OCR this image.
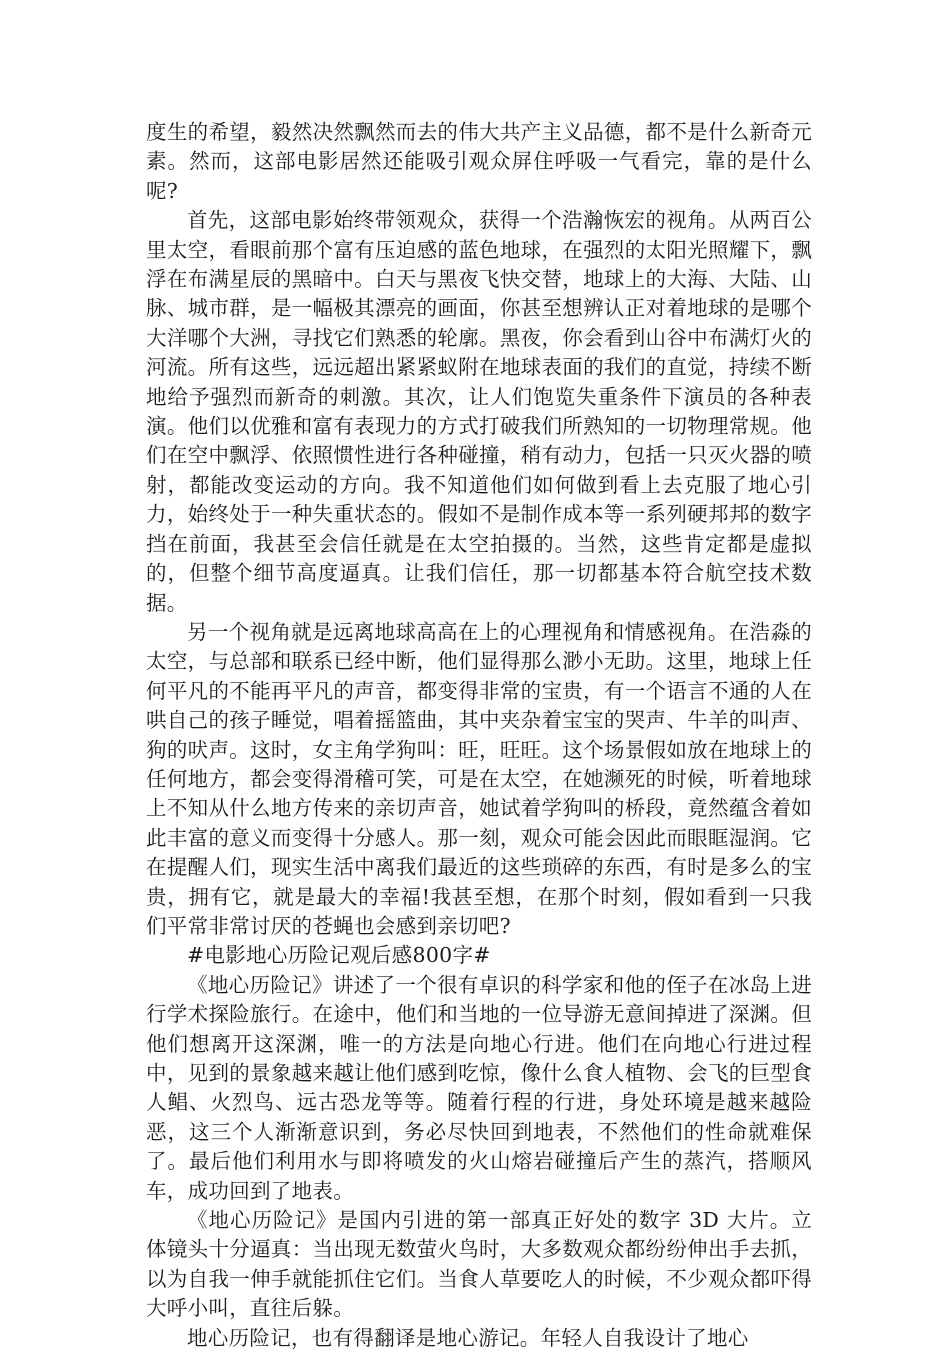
度生的希望，毅然决然飘然而去的伟大共产主义品德，都不是什么新奇元素。然而，这部电影居然还能吸引观众屏住呼吸一气看完，靠的是什么呢?

首先，这部电影始终带领观众，获得一个浩瀚恢宏的视角。从两百公里太空，看眼前那个富有压迫感的蓝色地球，在强烈的太阳光照耀下，飘浮在布满星辰的黑暗中。白天与黑夜飞快交替，地球上的大海、大陆、山脉、城市群，是一幅极其漂亮的画面，你甚至想辨认正对着地球的是哪个大洋哪个大洲，寻找它们熟悉的轮廓。黑夜，你会看到山谷中布满灯火的河流。所有这些，远远超出紧紧蚁附在地球表面的我们的直觉，持续不断地给予强烈而新奇的刺激。其次，让人们饱览失重条件下演员的各种表演。他们以优雅和富有表现力的方式打破我们所熟知的一切物理常规。他们在空中飘浮、依照惯性进行各种碰撞，稍有动力，包括一只灭火器的喷射，都能改变运动的方向。我不知道他们如何做到看上去克服了地心引力，始终处于一种失重状态的。假如不是制作成本等一系列硬邦邦的数字挡在前面，我甚至会信任就是在太空拍摄的。当然，这些肯定都是虚拟的，但整个细节高度逼真。让我们信任，那一切都基本符合航空技术数据。

另一个视角就是远离地球高高在上的心理视角和情感视角。在浩淼的太空，与总部和联系已经中断，他们显得那么渺小无助。这里，地球上任何平凡的不能再平凡的声音，都变得非常的宝贵，有一个语言不通的人在哄自己的孩子睡觉，唱着摇篮曲，其中夹杂着宝宝的哭声、牛羊的叫声、狗的吠声。这时，女主角学狗叫：旺，旺旺。这个场景假如放在地球上的任何地方，都会变得滑稽可笑，可是在太空，在她濒死的时候，听着地球上不知从什么地方传来的亲切声音，她试着学狗叫的桥段，竟然蕴含着如此丰富的意义而变得十分感人。那一刻，观众可能会因此而眼眶湿润。它在提醒人们，现实生活中离我们最近的这些琐碎的东西，有时是多么的宝贵，拥有它，就是最大的幸福!我甚至想，在那个时刻，假如看到一只我们平常非常讨厌的苍蝇也会感到亲切吧?

#电影地心历险记观后感800字#

《地心历险记》讲述了一个很有卓识的科学家和他的侄子在冰岛上进行学术探险旅行。在途中，他们和当地的一位导游无意间掉进了深渊。但他们想离开这深渊，唯一的方法是向地心行进。他们在向地心行进过程中，见到的景象越来越让他们感到吃惊，像什么食人植物、会飞的巨型食人鲳、火烈鸟、远古恐龙等等。随着行程的行进，身处环境是越来越险恶，这三个人渐渐意识到，务必尽快回到地表，不然他们的性命就难保了。最后他们利用水与即将喷发的火山熔岩碰撞后产生的蒸汽，搭顺风车，成功回到了地表。

《地心历险记》是国内引进的第一部真正好处的数字 3D 大片。立体镜头十分逼真：当出现无数萤火鸟时，大多数观众都纷纷伸出手去抓，以为自我一伸手就能抓住它们。当食人草要吃人的时候，不少观众都吓得大呼小叫，直往后躲。

地心历险记，也有得翻译是地心游记。年轻人自我设计了地心
